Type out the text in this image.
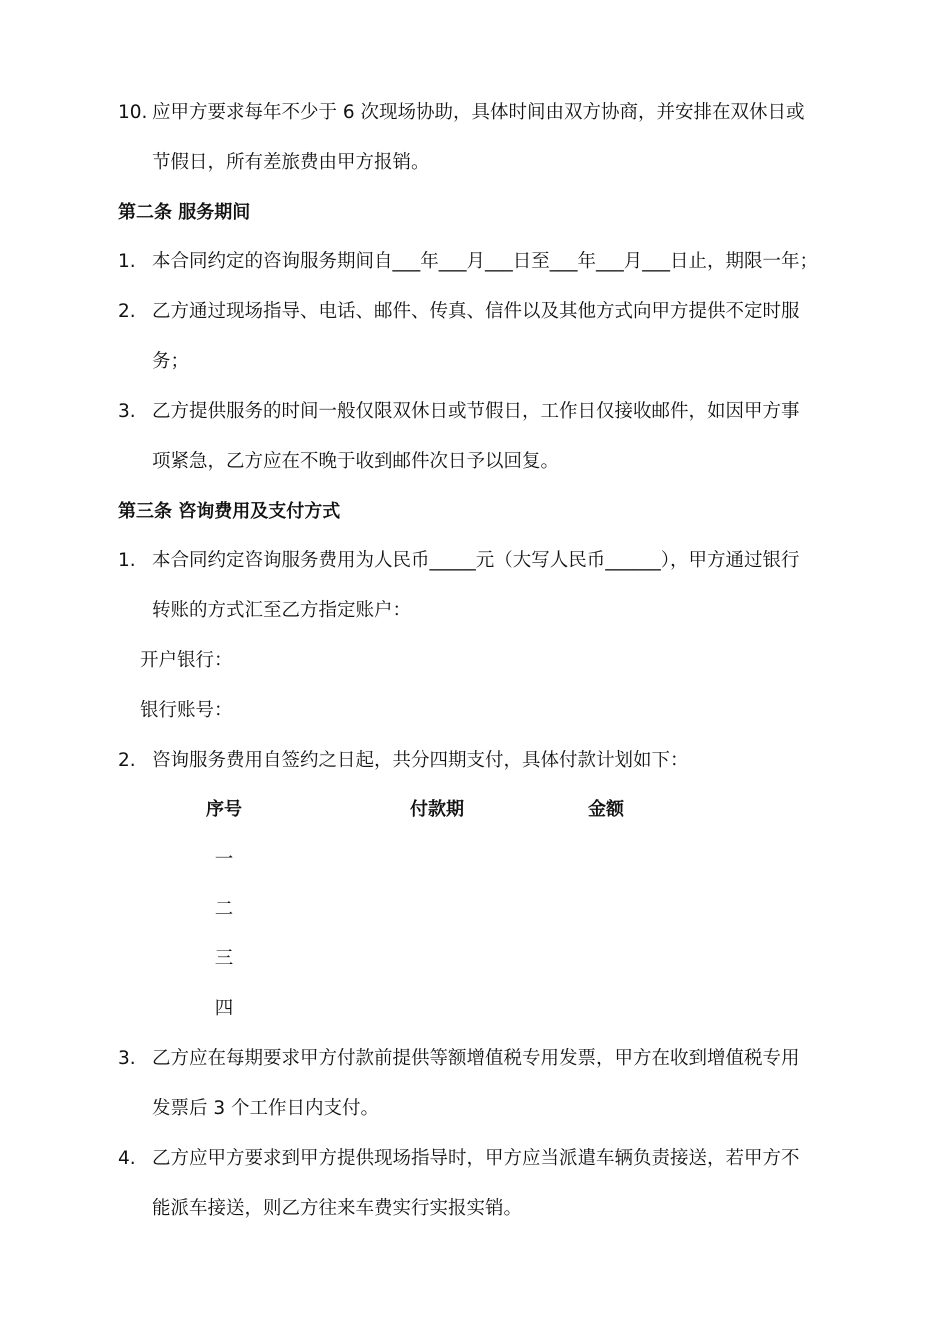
10. 应甲方要求每年不少于 6 次现场协助，具体时间由双方协商，并安排在双休日或
节假日，所有差旅费由甲方报销。
第二条 服务期间
1. 本合同约定的咨询服务期间自___年___月___日至___年___月___日止，期限一年；
2. 乙方通过现场指导、电话、邮件、传真、信件以及其他方式向甲方提供不定时服
务；
3. 乙方提供服务的时间一般仅限双休日或节假日，工作日仅接收邮件，如因甲方事
项紧急，乙方应在不晚于收到邮件次日予以回复。
第三条 咨询费用及支付方式
1. 本合同约定咨询服务费用为人民币_____元（大写人民币______），甲方通过银行
转账的方式汇至乙方指定账户：
开户银行：
银行账号：
2. 咨询服务费用自签约之日起，共分四期支付，具体付款计划如下：
序号	付款期	金额
一
二
三
四
3. 乙方应在每期要求甲方付款前提供等额增值税专用发票，甲方在收到增值税专用
发票后 3 个工作日内支付。
4. 乙方应甲方要求到甲方提供现场指导时，甲方应当派遣车辆负责接送，若甲方不
能派车接送，则乙方往来车费实行实报实销。
